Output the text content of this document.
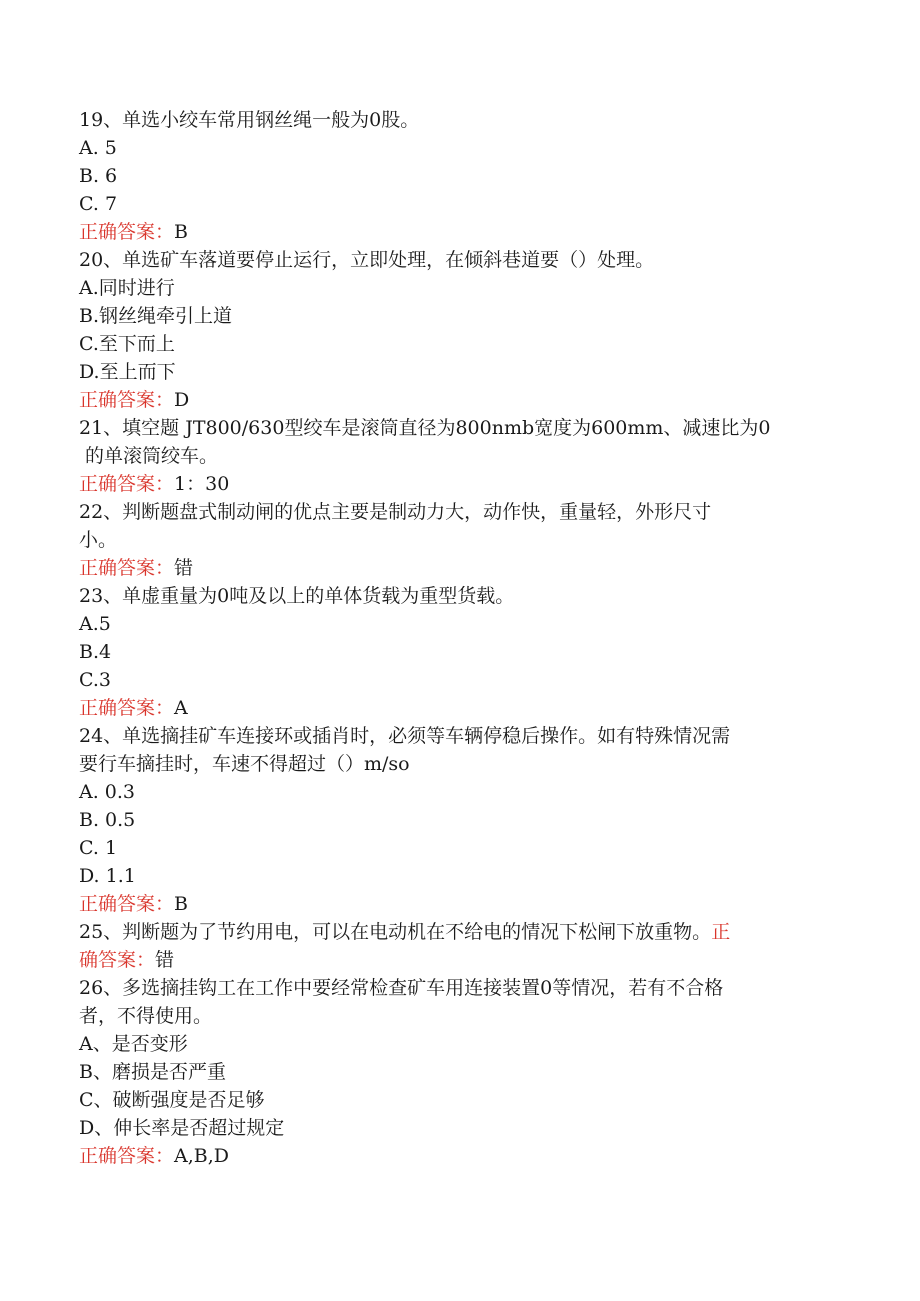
19、单选小绞车常用钢丝绳一般为0股。
A. 5
B. 6
C. 7
正确答案：B
20、单选矿车落道要停止运行，立即处理，在倾斜巷道要（）处理。
A.同时进行
B.钢丝绳牵引上道
C.至下而上
D.至上而下
正确答案：D
21、填空题 JT800/630型绞车是滚筒直径为800nmb宽度为600mm、减速比为0
的单滚筒绞车。
正确答案：1：30
22、判断题盘式制动闸的优点主要是制动力大，动作快，重量轻，外形尺寸
小。
正确答案：错
23、单虚重量为0吨及以上的单体货载为重型货载。
A.5
B.4
C.3
正确答案：A
24、单选摘挂矿车连接环或插肖时，必须等车辆停稳后操作。如有特殊情况需
要行车摘挂时，车速不得超过（）m/so
A. 0.3
B. 0.5
C. 1
D. 1.1
正确答案：B
25、判断题为了节约用电，可以在电动机在不给电的情况下松闸下放重物。正
确答案：错
26、多选摘挂钩工在工作中要经常检查矿车用连接装置0等情况，若有不合格
者，不得使用。
A、是否变形
B、磨损是否严重
C、破断强度是否足够
D、伸长率是否超过规定
正确答案：A,B,D
